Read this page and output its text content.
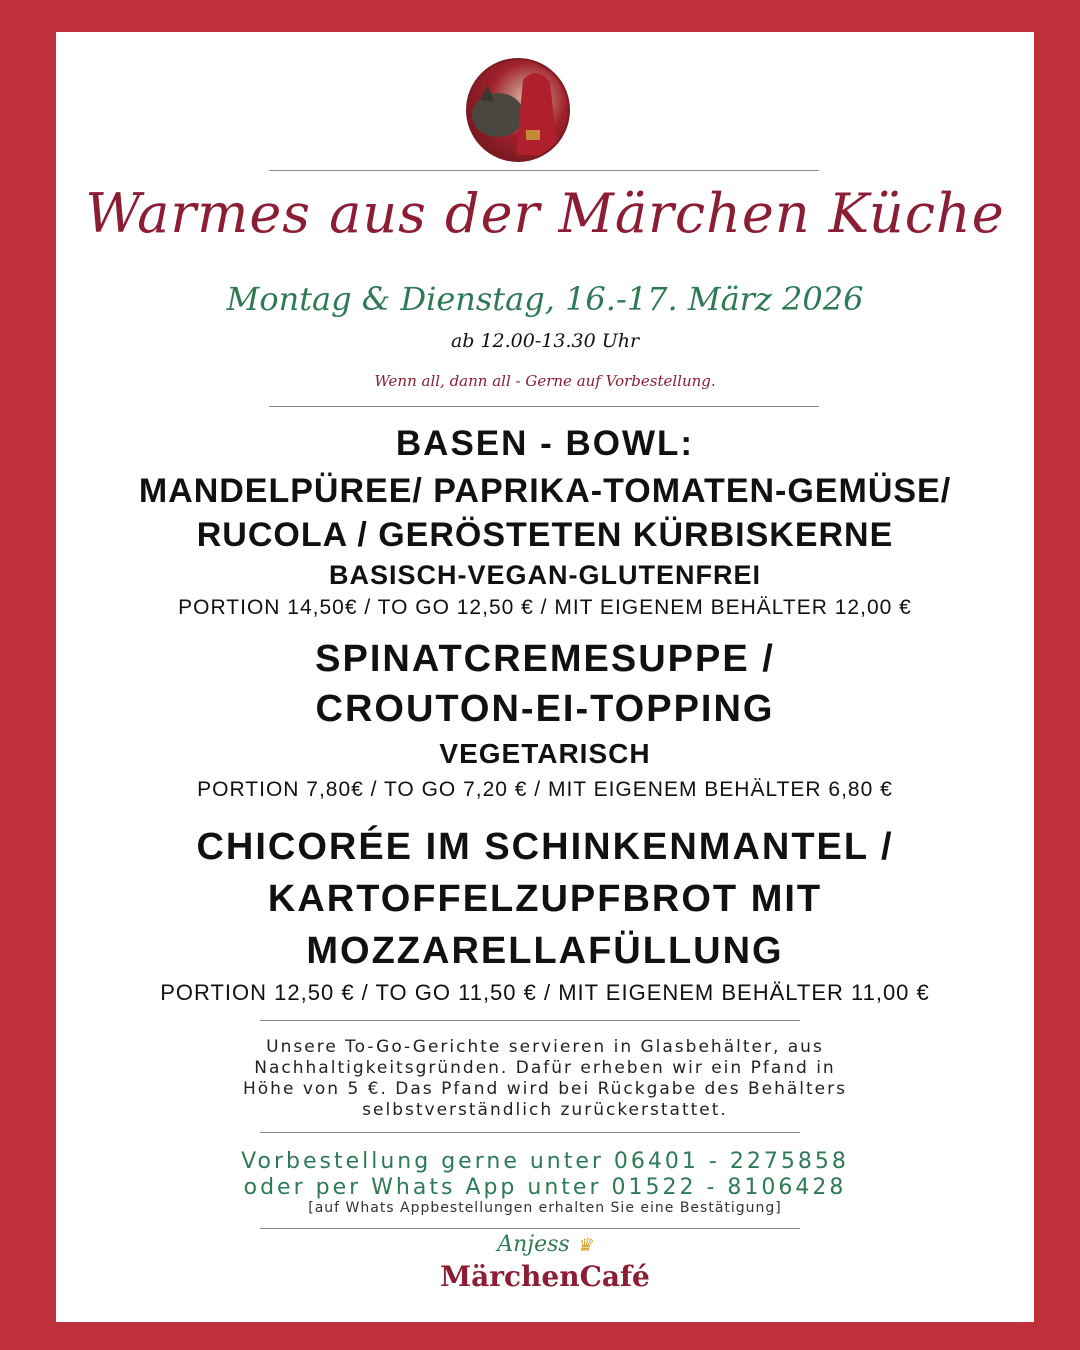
Warmes aus der Märchen Küche
Montag & Dienstag, 16.-17. März 2026
ab 12.00-13.30 Uhr
Wenn all, dann all - Gerne auf Vorbestellung.
BASEN - BOWL:
MANDELPÜREE/ PAPRIKA-TOMATEN-GEMÜSE/
RUCOLA / GERÖSTETEN KÜRBISKERNE
BASISCH-VEGAN-GLUTENFREI
PORTION 14,50€ / TO GO 12,50 € / MIT EIGENEM BEHÄLTER 12,00 €
SPINATCREMESUPPE /
CROUTON-EI-TOPPING
VEGETARISCH
PORTION 7,80€ / TO GO 7,20 € / MIT EIGENEM BEHÄLTER 6,80 €
CHICORÉE IM SCHINKENMANTEL /
KARTOFFELZUPFBROT MIT
MOZZARELLAFÜLLUNG
PORTION 12,50 € / TO GO 11,50 € / MIT EIGENEM BEHÄLTER 11,00 €
Unsere To-Go-Gerichte servieren in Glasbehälter, aus
Nachhaltigkeitsgründen. Dafür erheben wir ein Pfand in
Höhe von 5 €. Das Pfand wird bei Rückgabe des Behälters
selbstverständlich zurückerstattet.
Vorbestellung gerne unter 06401 - 2275858
oder per Whats App unter 01522 - 8106428
[auf Whats Appbestellungen erhalten Sie eine Bestätigung]
Anjess ♛
MärchenCafé
